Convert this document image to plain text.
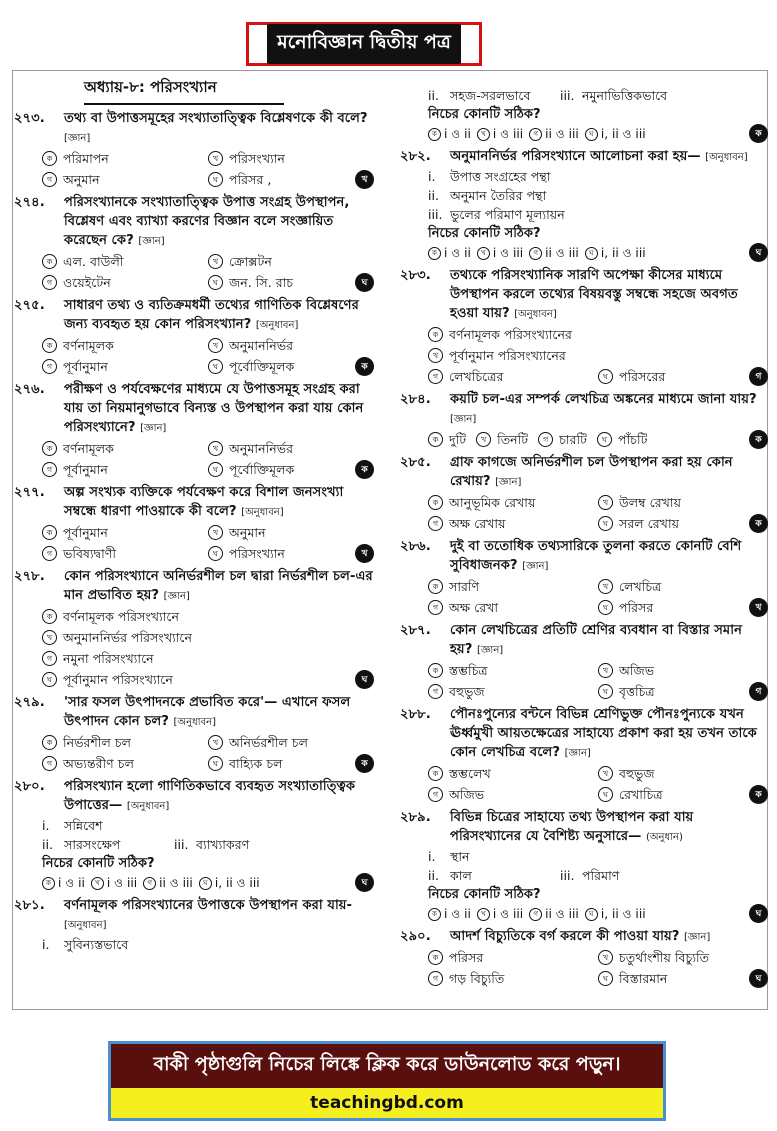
মনোবিজ্ঞান দ্বিতীয় পত্র
অধ্যায়-৮: পরিসংখ্যান
২৭৩.	তথ্য বা উপাত্তসমূহের সংখ্যাতাত্ত্বিক বিশ্লেষণকে কী বলে? [জ্ঞান]
ক পরিমাপন	খ পরিসংখ্যান
গ অনুমান	ঘ পরিসর ,	খ
২৭৪.	পরিসংখ্যানকে সংখ্যাতাত্ত্বিক উপাত্ত সংগ্রহ উপস্থাপন, বিশ্লেষণ এবং ব্যাখ্যা করণের বিজ্ঞান বলে সংজ্ঞায়িত করেছেন কে? [জ্ঞান]
ক এল. বাউলী	খ ক্রোক্সটন
গ ওয়েইটেন	ঘ জন. সি. রাচ	ঘ
২৭৫.	সাধারণ তথ্য ও ব্যতিক্রমধর্মী তথ্যের গাণিতিক বিশ্লেষণের জন্য ব্যবহৃত হয় কোন পরিসংখ্যান? [অনুধাবন]
ক বর্ণনামূলক	খ অনুমাননির্ভর
গ পূর্বানুমান	ঘ পূর্বোক্তিমূলক	ক
২৭৬.	পরীক্ষণ ও পর্যবেক্ষণের মাধ্যমে যে উপাত্তসমূহ সংগ্রহ করা যায় তা নিয়মানুগভাবে বিন্যস্ত ও উপস্থাপন করা যায় কোন পরিসংখ্যানে? [জ্ঞান]
ক বর্ণনামূলক	খ অনুমাননির্ভর
গ পূর্বানুমান	ঘ পূর্বোক্তিমূলক	ক
২৭৭.	অল্প সংখ্যক ব্যক্তিকে পর্যবেক্ষণ করে বিশাল জনসংখ্যা সম্বন্ধে ধারণা পাওয়াকে কী বলে? [অনুধাবন]
ক পূর্বানুমান	খ অনুমান
গ ভবিষ্যদ্বাণী	ঘ পরিসংখ্যান	খ
২৭৮.	কোন পরিসংখ্যানে অনির্ভরশীল চল দ্বারা নির্ভরশীল চল-এর মান প্রভাবিত হয়? [জ্ঞান]
ক বর্ণনামূলক পরিসংখ্যানে
খ অনুমাননির্ভর পরিসংখ্যানে
গ নমুনা পরিসংখ্যানে
ঘ পূর্বানুমান পরিসংখ্যানে	ঘ
২৭৯.	'সার ফসল উৎপাদনকে প্রভাবিত করে'— এখানে ফসল উৎপাদন কোন চল? [অনুধাবন]
ক নির্ভরশীল চল	খ অনির্ভরশীল চল
গ অভ্যন্তরীণ চল	ঘ বাহ্যিক চল	ক
২৮০.	পরিসংখ্যান হলো গাণিতিকভাবে ব্যবহৃত সংখ্যাতাত্ত্বিক উপাত্তের— [অনুধাবন]
i.	সন্নিবেশ
ii. সারসংক্ষেপ	iii. ব্যাখ্যাকরণ
নিচের কোনটি সঠিক?
ক i ও ii	খ i ও iii	গ ii ও iii	ঘ i, ii ও iii	ঘ
২৮১.	বর্ণনামূলক পরিসংখ্যানের উপাত্তকে উপস্থাপন করা যায়- [অনুধাবন]
i.	সুবিন্যস্তভাবে
ii. সহজ-সরলভাবে	iii. নমুনাভিত্তিকভাবে
নিচের কোনটি সঠিক?
ক i ও ii	খ i ও iii	গ ii ও iii	ঘ i, ii ও iii	ক
২৮২.	অনুমাননির্ভর পরিসংখ্যানে আলোচনা করা হয়— [অনুধাবন]
i.	উপাত্ত সংগ্রহের পন্থা
ii. অনুমান তৈরির পন্থা
iii. ভুলের পরিমাণ মূল্যায়ন
নিচের কোনটি সঠিক?
ক i ও ii	খ i ও iii	গ ii ও iii	ঘ i, ii ও iii	ঘ
২৮৩.	তথ্যকে পরিসংখ্যানিক সারণি অপেক্ষা কীসের মাধ্যমে উপস্থাপন করলে তথ্যের বিষয়বস্তু সম্বন্ধে সহজে অবগত হওয়া যায়? [অনুধাবন]
ক বর্ণনামূলক পরিসংখ্যানের
খ পূর্বানুমান পরিসংখ্যানের
গ লেখচিত্রের	ঘ পরিসরের	গ
২৮৪.	কয়টি চল-এর সম্পর্ক লেখচিত্র অঙ্কনের মাধ্যমে জানা যায়? [জ্ঞান]
ক দুটি	খ তিনটি	গ চারটি	ঘ পাঁচটি	ক
২৮৫.	গ্রাফ কাগজে অনির্ভরশীল চল উপস্থাপন করা হয় কোন রেখায়? [জ্ঞান]
ক আনুভূমিক রেখায়	খ উলম্ব রেখায়
গ অক্ষ রেখায়	ঘ সরল রেখায়	ক
২৮৬.	দুই বা ততোধিক তথ্যসারিকে তুলনা করতে কোনটি বেশি সুবিধাজনক? [জ্ঞান]
ক সারণি	খ লেখচিত্র
গ অক্ষ রেখা	ঘ পরিসর	খ
২৮৭.	কোন লেখচিত্রের প্রতিটি শ্রেণির ব্যবধান বা বিস্তার সমান হয়? [জ্ঞান]
ক স্তম্ভচিত্র	খ অজিভ
গ বহুভুজ	ঘ বৃত্তচিত্র	গ
২৮৮.	পৌনঃপুন্যের বন্টনে বিভিন্ন শ্রেণিভুক্ত পৌনঃপুন্যকে যখন ঊর্ধ্বমুখী আয়তক্ষেত্রের সাহায্যে প্রকাশ করা হয় তখন তাকে কোন লেখচিত্র বলে? [জ্ঞান]
ক স্তম্ভলেখ	খ বহুভুজ
গ অজিভ	ঘ রেখাচিত্র	ক
২৮৯.	বিভিন্ন চিত্রের সাহায্যে তথ্য উপস্থাপন করা যায় পরিসংখ্যানের যে বৈশিষ্ট্য অনুসারে— (অনুধান)
i.	স্থান
ii. কাল	iii. পরিমাণ
নিচের কোনটি সঠিক?
ক i ও ii	খ i ও iii	গ ii ও iii	ঘ i, ii ও iii	ঘ
২৯০.	আদর্শ বিচ্যুতিকে বর্গ করলে কী পাওয়া যায়? [জ্ঞান]
ক পরিসর	খ চতুর্থাংশীয় বিচ্যুতি
গ গড় বিচ্যুতি	ঘ বিস্তারমান	ঘ
বাকী পৃষ্ঠাগুলি নিচের লিঙ্কে ক্লিক করে ডাউনলোড করে পড়ুন।
teachingbd.com
